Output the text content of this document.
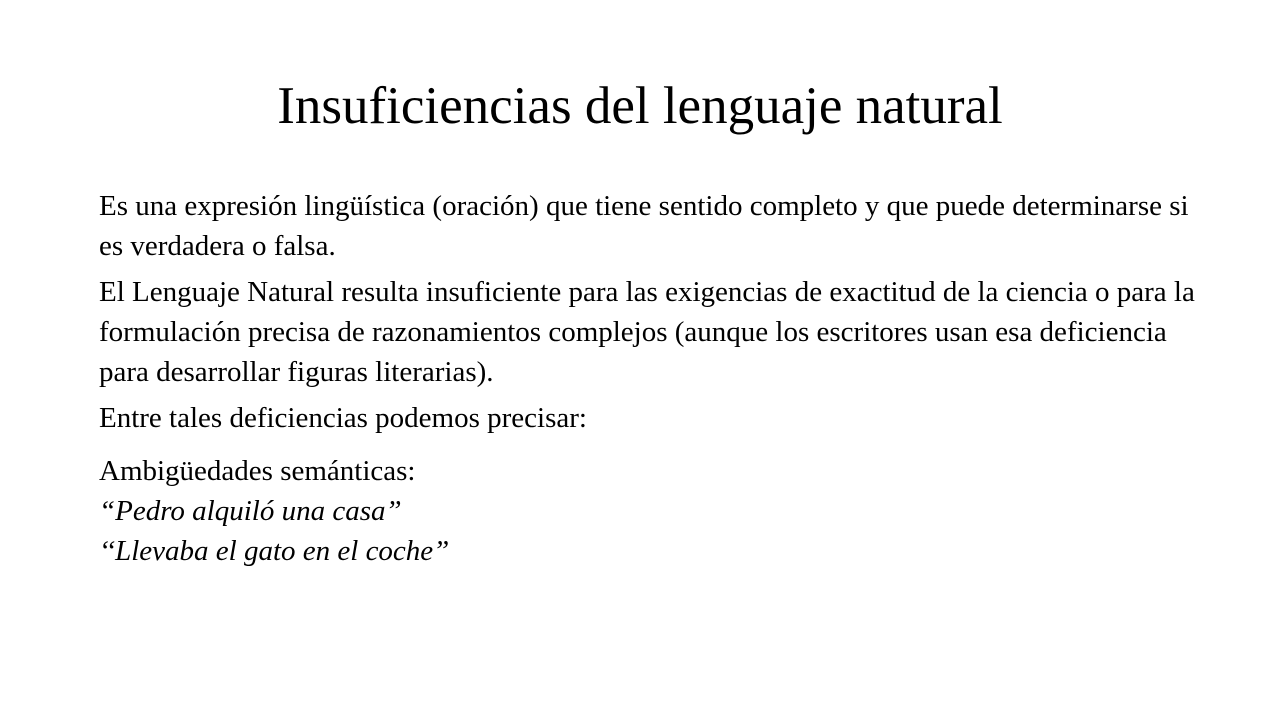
Insuficiencias del lenguaje natural

Es una expresión lingüística (oración) que tiene sentido completo y que puede determinarse si es verdadera o falsa.

El Lenguaje Natural resulta insuficiente para las exigencias de exactitud de la ciencia o para la formulación precisa de razonamientos complejos (aunque los escritores usan esa deficiencia para desarrollar figuras literarias).

Entre tales deficiencias podemos precisar:

Ambigüedades semánticas:
“Pedro alquiló una casa”
‘‘Llevaba el gato en el coche”
